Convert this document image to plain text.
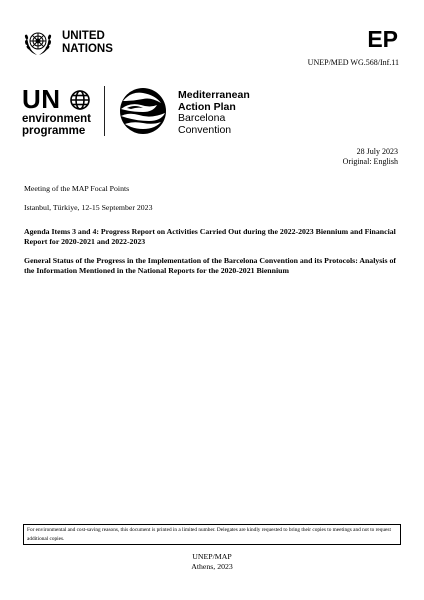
UNITED
NATIONS	EP
UNEP/MED WG.568/Inf.11
UN
environment
programme
Mediterranean
Action Plan
Barcelona
Convention
28 July 2023
Original: English
Meeting of the MAP Focal Points
Istanbul, Türkiye, 12-15 September 2023
Agenda Items 3 and 4: Progress Report on Activities Carried Out during the 2022-2023 Biennium and Financial Report for 2020-2021 and 2022-2023
General Status of the Progress in the Implementation of the Barcelona Convention and its Protocols: Analysis of the Information Mentioned in the National Reports for the 2020-2021 Biennium
For environmental and cost-saving reasons, this document is printed in a limited number. Delegates are kindly requested to bring their copies to meetings and not to request additional copies.
UNEP/MAP
Athens, 2023
